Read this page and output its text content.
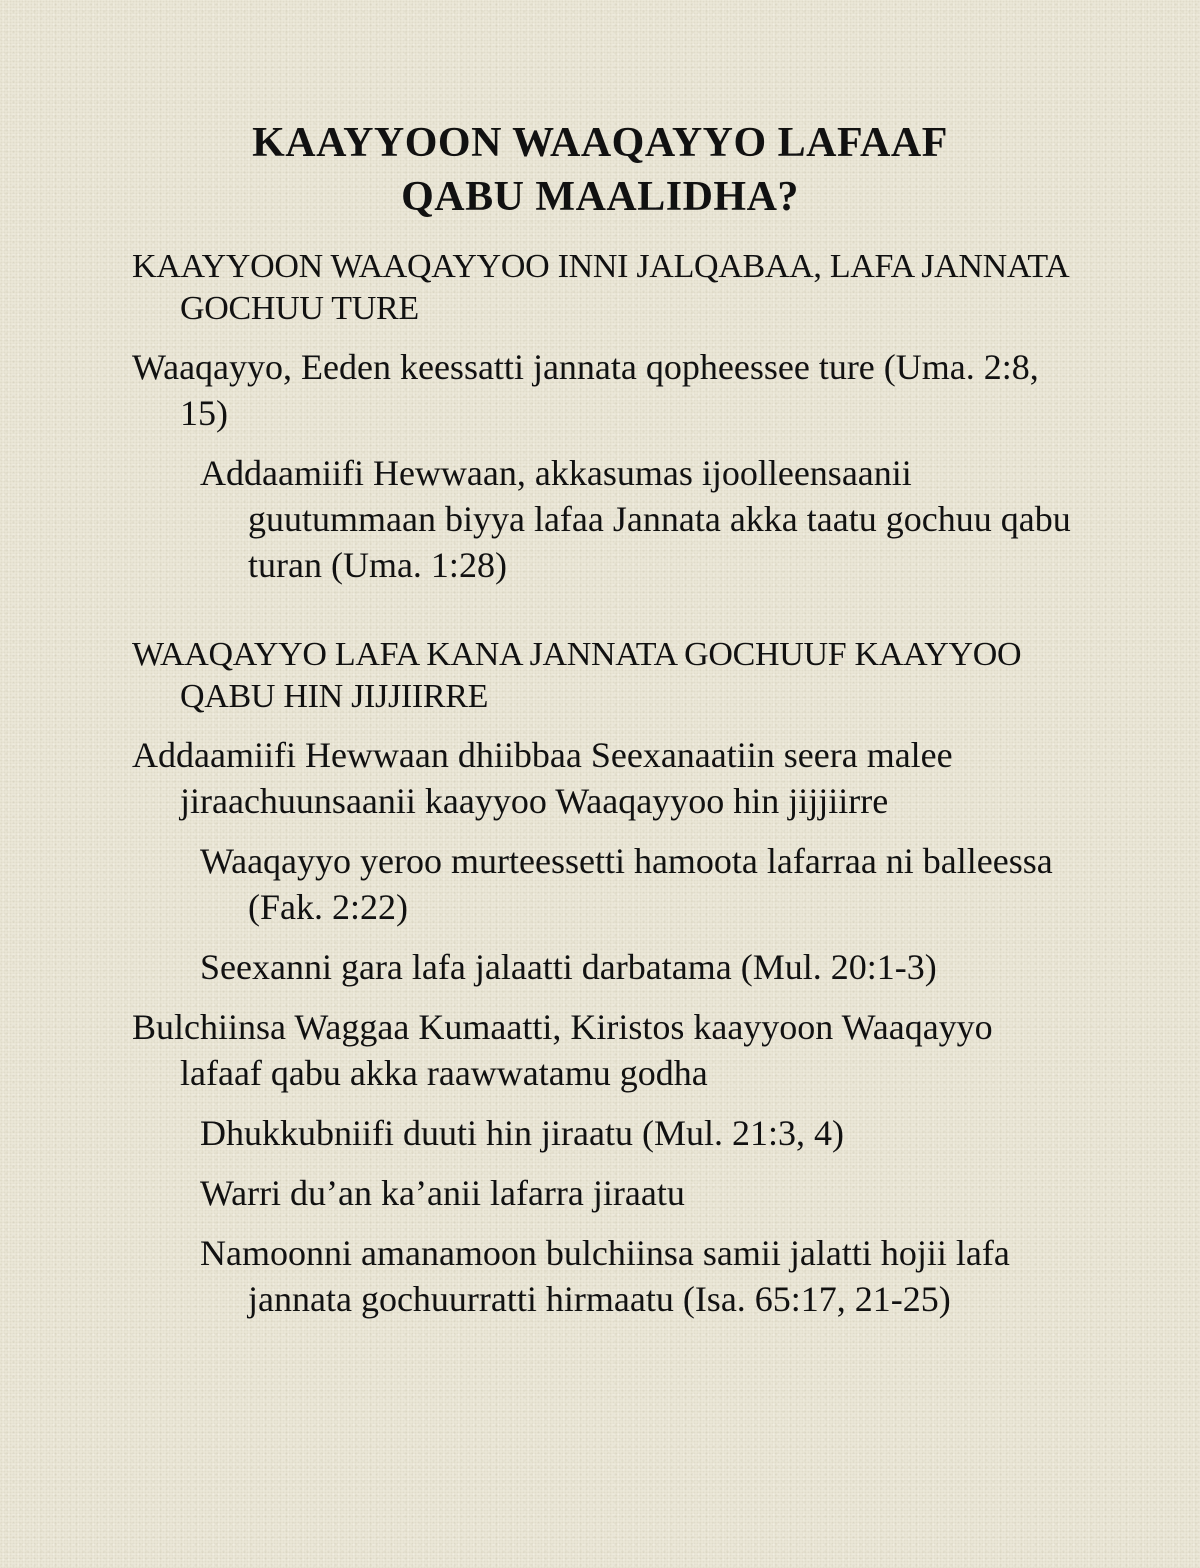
KAAYYOON WAAQAYYO LAFAAF
QABU MAALIDHA?

KAAYYOON WAAQAYYOO INNI JALQABAA, LAFA JANNATA GOCHUU TURE

Waaqayyo, Eeden keessatti jannata qopheessee ture (Uma. 2:8, 15)

Addaamiifi Hewwaan, akkasumas ijoolleensaanii guutummaan biyya lafaa Jannata akka taatu gochuu qabu turan (Uma. 1:28)

WAAQAYYO LAFA KANA JANNATA GOCHUUF KAAYYOO QABU HIN JIJJIIRRE

Addaamiifi Hewwaan dhiibbaa Seexanaatiin seera malee jiraachuunsaanii kaayyoo Waaqayyoo hin jijjiirre

Waaqayyo yeroo murteessetti hamoota lafarraa ni balleessa (Fak. 2:22)

Seexanni gara lafa jalaatti darbatama (Mul. 20:1-3)

Bulchiinsa Waggaa Kumaatti, Kiristos kaayyoon Waaqayyo lafaaf qabu akka raawwatamu godha

Dhukkubniifi duuti hin jiraatu (Mul. 21:3, 4)

Warri du’an ka’anii lafarra jiraatu

Namoonni amanamoon bulchiinsa samii jalatti hojii lafa jannata gochuurratti hirmaatu (Isa. 65:17, 21-25)
